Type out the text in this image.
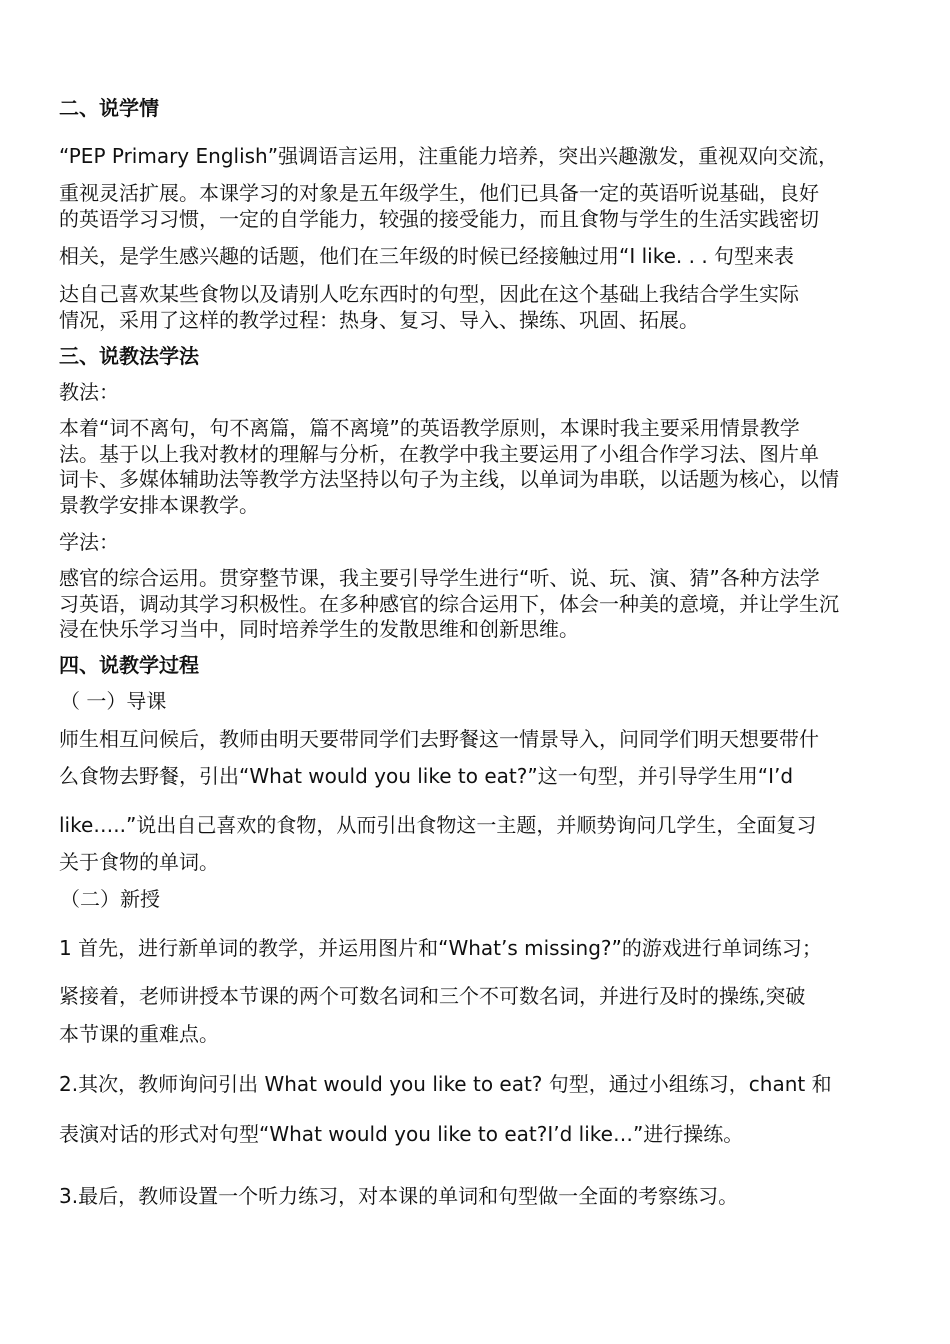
二、说学情
“PEP Primary English”强调语言运用，注重能力培养，突出兴趣激发，重视双向交流，
重视灵活扩展。本课学习的对象是五年级学生，他们已具备一定的英语听说基础，良好
的英语学习习惯，一定的自学能力，较强的接受能力，而且食物与学生的生活实践密切
相关，是学生感兴趣的话题，他们在三年级的时候已经接触过用“I like. . . 句型来表
达自己喜欢某些食物以及请别人吃东西时的句型，因此在这个基础上我结合学生实际
情况，采用了这样的教学过程：热身、复习、导入、操练、巩固、拓展。
三、说教法学法
教法：
本着“词不离句，句不离篇，篇不离境”的英语教学原则，本课时我主要采用情景教学
法。基于以上我对教材的理解与分析，在教学中我主要运用了小组合作学习法、图片单
词卡、多媒体辅助法等教学方法坚持以句子为主线，以单词为串联，以话题为核心，以情
景教学安排本课教学。
学法：
感官的综合运用。贯穿整节课，我主要引导学生进行“听、说、玩、演、猜”各种方法学
习英语，调动其学习积极性。在多种感官的综合运用下，体会一种美的意境，并让学生沉
浸在快乐学习当中，同时培养学生的发散思维和创新思维。
四、说教学过程
（ 一）导课
师生相互问候后，教师由明天要带同学们去野餐这一情景导入，问同学们明天想要带什
么食物去野餐，引出“What would you like to eat?”这一句型，并引导学生用“I’d
like…..”说出自己喜欢的食物，从而引出食物这一主题，并顺势询问几学生，全面复习
关于食物的单词。
（二）新授
1 首先，进行新单词的教学，并运用图片和“What’s missing?”的游戏进行单词练习；
紧接着，老师讲授本节课的两个可数名词和三个不可数名词，并进行及时的操练,突破
本节课的重难点。
2.其次，教师询问引出 What would you like to eat? 句型，通过小组练习，chant 和
表演对话的形式对句型“What would you like to eat?I’d like…”进行操练。
3.最后，教师设置一个听力练习，对本课的单词和句型做一全面的考察练习。
